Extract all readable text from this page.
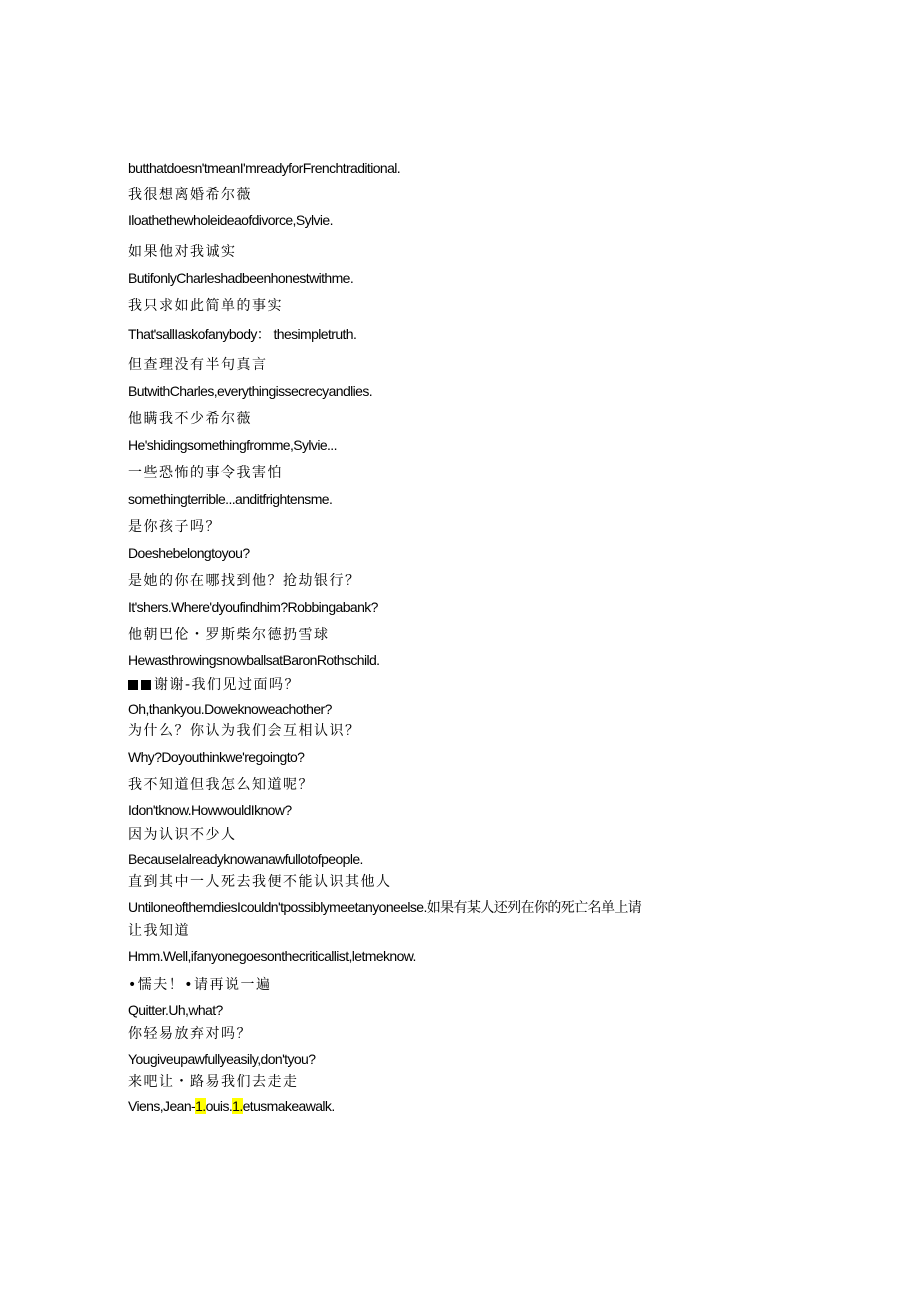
butthatdoesn'tmeanI'mreadyforFrenchtraditional.
我很想离婚希尔薇
Iloathethewholeideaofdivorce,Sylvie.
如果他对我诚实
ButifonlyCharleshadbeenhonestwithme.
我只求如此简单的事实
That'sallIaskofanybody： thesimpletruth.
但查理没有半句真言
ButwithCharles,everythingissecrecyandlies.
他瞒我不少希尔薇
He'shidingsomethingfromme,Sylvie...
一些恐怖的事令我害怕
somethingterrible...anditfrightensme.
是你孩子吗？
Doeshebelongtoyou?
是她的你在哪找到他？抢劫银行？
It'shers.Where'dyoufindhim?Robbingabank?
他朝巴伦・罗斯柴尔德扔雪球
HewasthrowingsnowballsatBaronRothschild.
谢谢-我们见过面吗？
Oh,thankyou.Doweknoweachother?
为什么？你认为我们会互相认识？
Why?Doyouthinkwe'regoingto?
我不知道但我怎么知道呢？
Idon'tknow.HowwouldIknow?
因为认识不少人
BecauseIalreadyknowanawfullotofpeople.
直到其中一人死去我便不能认识其他人
UntiloneofthemdiesIcouldn'tpossiblymeetanyoneelse.如果有某人还列在你的死亡名单上请
让我知道
Hmm.Well,ifanyonegoesonthecriticallist,letmeknow.
•懦夫！•请再说一遍
Quitter.Uh,what?
你轻易放弃对吗？
Yougiveupawfullyeasily,don'tyou?
来吧让・路易我们去走走
Viens,Jean-1.ouis.1.etusmakeawalk.
